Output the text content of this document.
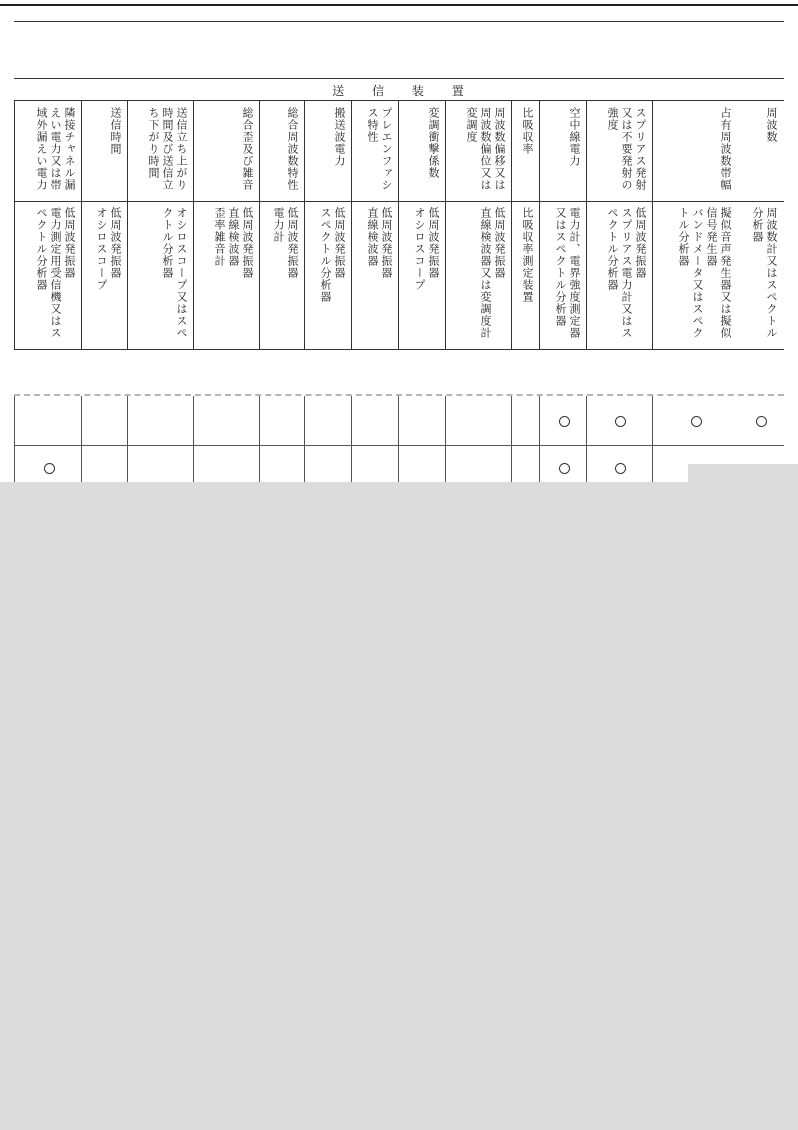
送 信 装 置
周波数
周波数計又はスペクトル
分析器
占有周波数帯幅
擬似音声発生器又は擬似
信号発生器
バンドメータ又はスペク
トル分析器
スプリアス発射
又は不要発射の
強度
低周波発振器
スプリアス電力計又はス
ペクトル分析器
空中線電力
電力計、電界強度測定器
又はスペクトル分析器
比吸収率
比吸収率測定装置
周波数偏移又は
周波数偏位又は
変調度
低周波発振器
直線検波器又は変調度計
変調衝撃係数
低周波発振器
オシロスコープ
プレエンファシ
ス特性
低周波発振器
直線検波器
搬送波電力
低周波発振器
スペクトル分析器
総合周波数特性
低周波発振器
電力計
総合歪及び雑音
低周波発振器
直線検波器
歪率雑音計
送信立ち上がり
時間及び送信立
ち下がり時間
オシロスコープ又はスペ
クトル分析器
送信時間
低周波発振器
オシロスコープ
隣接チャネル漏
えい電力又は帯
域外漏えい電力
低周波発振器
電力測定用受信機又はス
ペクトル分析器
